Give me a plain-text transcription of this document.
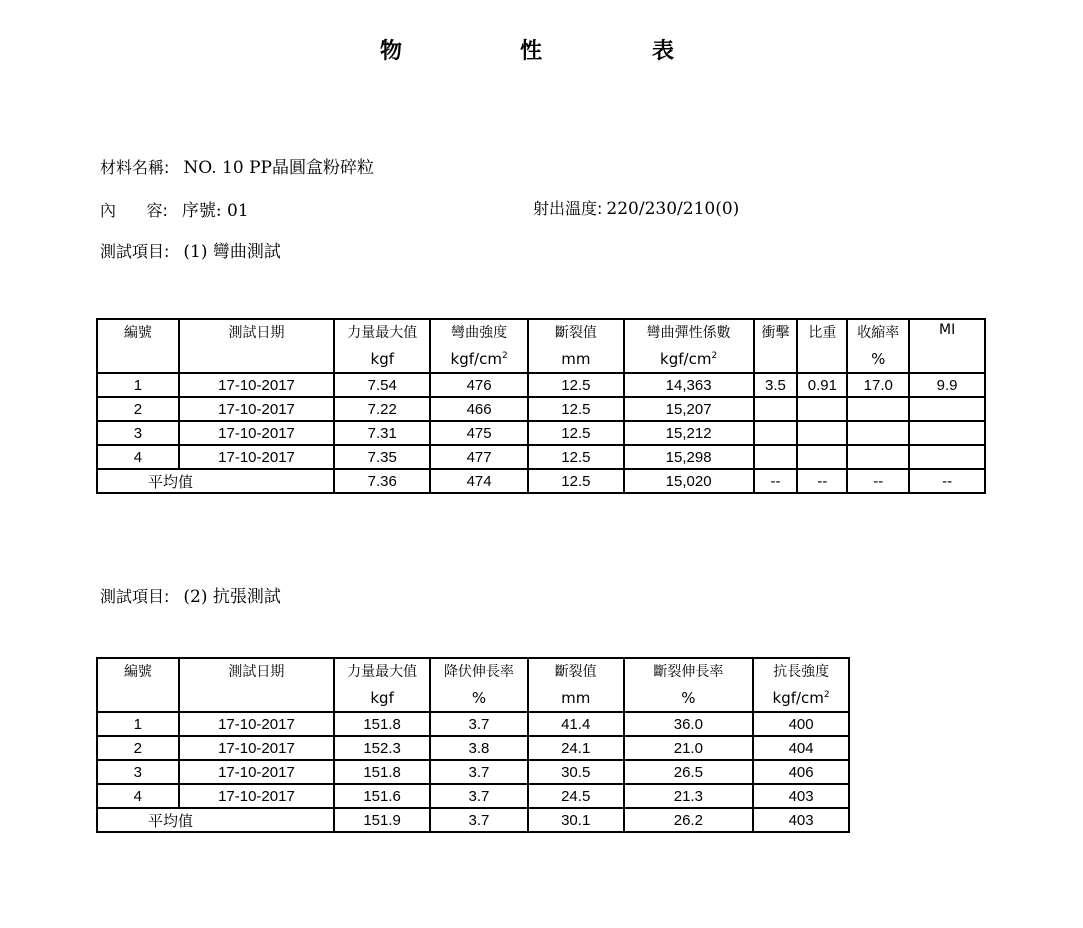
物	性	表
材料名稱: NO. 10 PP晶圓盒粉碎粒
內      容: 序號: 01	射出溫度: 220/230/210(0)
測試項目: (1) 彎曲測試
編號	測試日期	力量最大值	彎曲強度	斷裂值	彎曲彈性係數	衝擊	比重	收縮率	MI
		kgf	kgf/$cm^2$	mm	kgf/$cm^2$			%	
1	17-10-2017	7.54	476	12.5	14,363	3.5	0.91	17.0	9.9
2	17-10-2017	7.22	466	12.5	15,207				
3	17-10-2017	7.31	475	12.5	15,212				
4	17-10-2017	7.35	477	12.5	15,298				
平均值		7.36	474	12.5	15,020	--	--	--	--
測試項目: (2) 抗張測試
編號	測試日期	力量最大值	降伏伸長率	斷裂值	斷裂伸長率	抗長強度
		kgf	%	mm	%	kgf/$cm^2$
1	17-10-2017	151.8	3.7	41.4	36.0	400
2	17-10-2017	152.3	3.8	24.1	21.0	404
3	17-10-2017	151.8	3.7	30.5	26.5	406
4	17-10-2017	151.6	3.7	24.5	21.3	403
平均值		151.9	3.7	30.1	26.2	403
